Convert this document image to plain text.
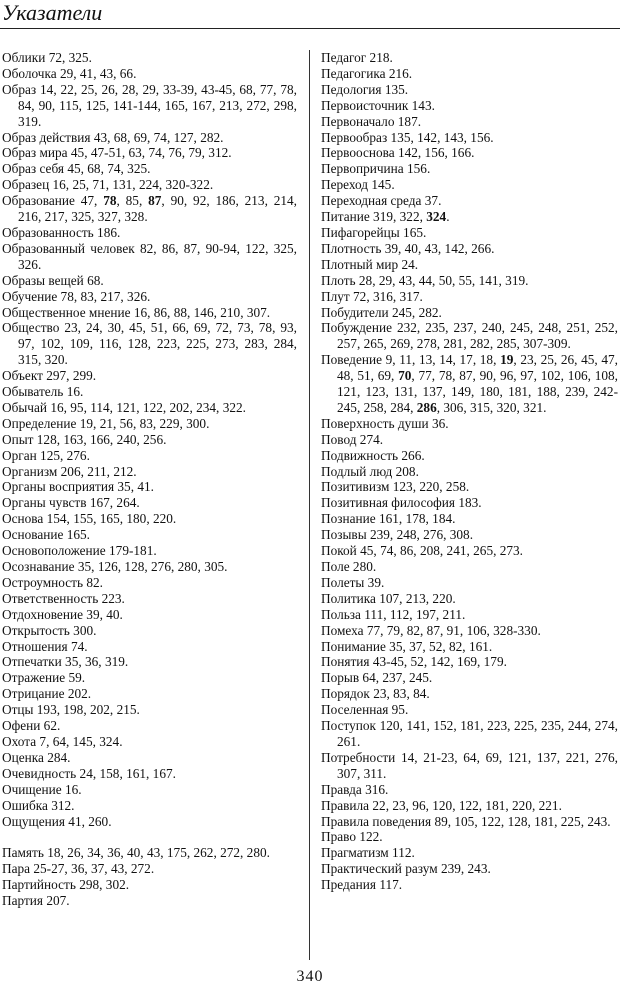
Указатели
Облики 72, 325.
Оболочка 29, 41, 43, 66.
Образ 14, 22, 25, 26, 28, 29, 33-39, 43-45, 68, 77, 78, 84, 90, 115, 125, 141-144, 165, 167, 213, 272, 298, 319.
Образ действия 43, 68, 69, 74, 127, 282.
Образ мира 45, 47-51, 63, 74, 76, 79, 312.
Образ себя 45, 68, 74, 325.
Образец 16, 25, 71, 131, 224, 320-322.
Образование 47, 78, 85, 87, 90, 92, 186, 213, 214, 216, 217, 325, 327, 328.
Образованность 186.
Образованный человек 82, 86, 87, 90-94, 122, 325, 326.
Образы вещей 68.
Обучение 78, 83, 217, 326.
Общественное мнение 16, 86, 88, 146, 210, 307.
Общество 23, 24, 30, 45, 51, 66, 69, 72, 73, 78, 93, 97, 102, 109, 116, 128, 223, 225, 273, 283, 284, 315, 320.
Объект 297, 299.
Обыватель 16.
Обычай 16, 95, 114, 121, 122, 202, 234, 322.
Определение 19, 21, 56, 83, 229, 300.
Опыт 128, 163, 166, 240, 256.
Орган 125, 276.
Организм 206, 211, 212.
Органы восприятия 35, 41.
Органы чувств 167, 264.
Основа 154, 155, 165, 180, 220.
Основание 165.
Основоположение 179-181.
Осознавание 35, 126, 128, 276, 280, 305.
Остроумность 82.
Ответственность 223.
Отдохновение 39, 40.
Открытость 300.
Отношения 74.
Отпечатки 35, 36, 319.
Отражение 59.
Отрицание 202.
Отцы 193, 198, 202, 215.
Офени 62.
Охота 7, 64, 145, 324.
Оценка 284.
Очевидность 24, 158, 161, 167.
Очищение 16.
Ошибка 312.
Ощущения 41, 260.
Память 18, 26, 34, 36, 40, 43, 175, 262, 272, 280.
Пара 25-27, 36, 37, 43, 272.
Партийность 298, 302.
Партия 207.
Педагог 218.
Педагогика 216.
Педология 135.
Первоисточник 143.
Первоначало 187.
Первообраз 135, 142, 143, 156.
Первооснова 142, 156, 166.
Первопричина 156.
Переход 145.
Переходная среда 37.
Питание 319, 322, 324.
Пифагорейцы 165.
Плотность 39, 40, 43, 142, 266.
Плотный мир 24.
Плоть 28, 29, 43, 44, 50, 55, 141, 319.
Плут 72, 316, 317.
Побудители 245, 282.
Побуждение 232, 235, 237, 240, 245, 248, 251, 252, 257, 265, 269, 278, 281, 282, 285, 307-309.
Поведение 9, 11, 13, 14, 17, 18, 19, 23, 25, 26, 45, 47, 48, 51, 69, 70, 77, 78, 87, 90, 96, 97, 102, 106, 108, 121, 123, 131, 137, 149, 180, 181, 188, 239, 242-245, 258, 284, 286, 306, 315, 320, 321.
Поверхность души 36.
Повод 274.
Подвижность 266.
Подлый люд 208.
Позитивизм 123, 220, 258.
Позитивная философия 183.
Познание 161, 178, 184.
Позывы 239, 248, 276, 308.
Покой 45, 74, 86, 208, 241, 265, 273.
Поле 280.
Полеты 39.
Политика 107, 213, 220.
Польза 111, 112, 197, 211.
Помеха 77, 79, 82, 87, 91, 106, 328-330.
Понимание 35, 37, 52, 82, 161.
Понятия 43-45, 52, 142, 169, 179.
Порыв 64, 237, 245.
Порядок 23, 83, 84.
Поселенная 95.
Поступок 120, 141, 152, 181, 223, 225, 235, 244, 274, 261.
Потребности 14, 21-23, 64, 69, 121, 137, 221, 276, 307, 311.
Правда 316.
Правила 22, 23, 96, 120, 122, 181, 220, 221.
Правила поведения 89, 105, 122, 128, 181, 225, 243.
Право 122.
Прагматизм 112.
Практический разум 239, 243.
Предания 117.
340
